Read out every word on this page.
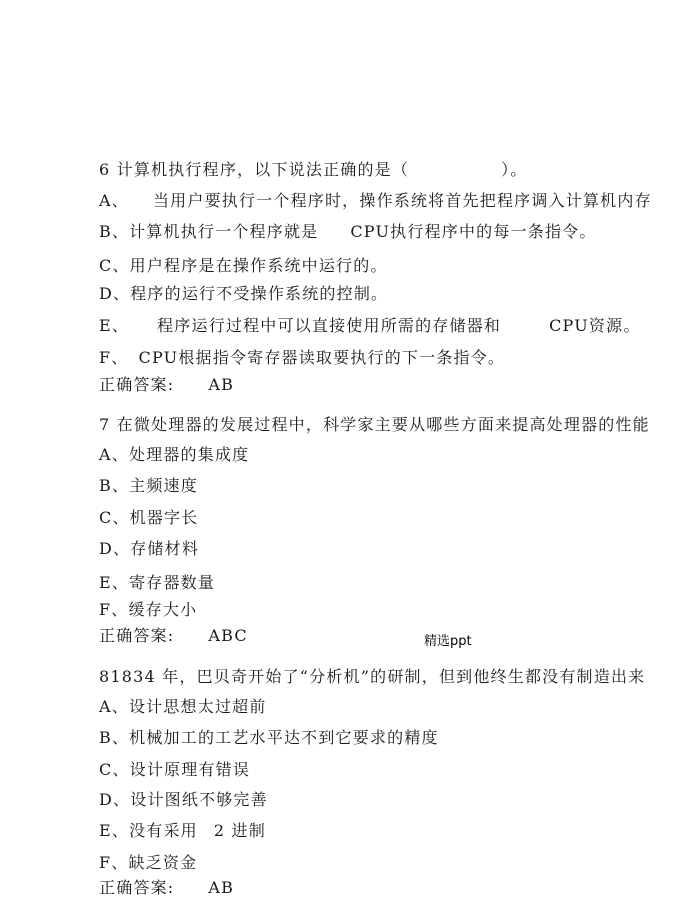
6 计算机执行程序，以下说法正确的是（	）。
A、 当用户要执行一个程序时，操作系统将首先把程序调入计算机内存
B、计算机执行一个程序就是 CPU执行程序中的每一条指令。
C、用户程序是在操作系统中运行的。
D、程序的运行不受操作系统的控制。
E、 程序运行过程中可以直接使用所需的存储器和	CPU资源。
F、 CPU根据指令寄存器读取要执行的下一条指令。
正确答案: AB
7 在微处理器的发展过程中，科学家主要从哪些方面来提高处理器的性能
A、处理器的集成度
B、主频速度
C、机器字长
D、存储材料
E、寄存器数量
F、缓存大小
正确答案: ABC	精选ppt
81834 年，巴贝奇开始了“分析机”的研制，但到他终生都没有制造出来
A、设计思想太过超前
B、机械加工的工艺水平达不到它要求的精度
C、设计原理有错误
D、设计图纸不够完善
E、没有采用 2 进制
F、缺乏资金
正确答案: AB
